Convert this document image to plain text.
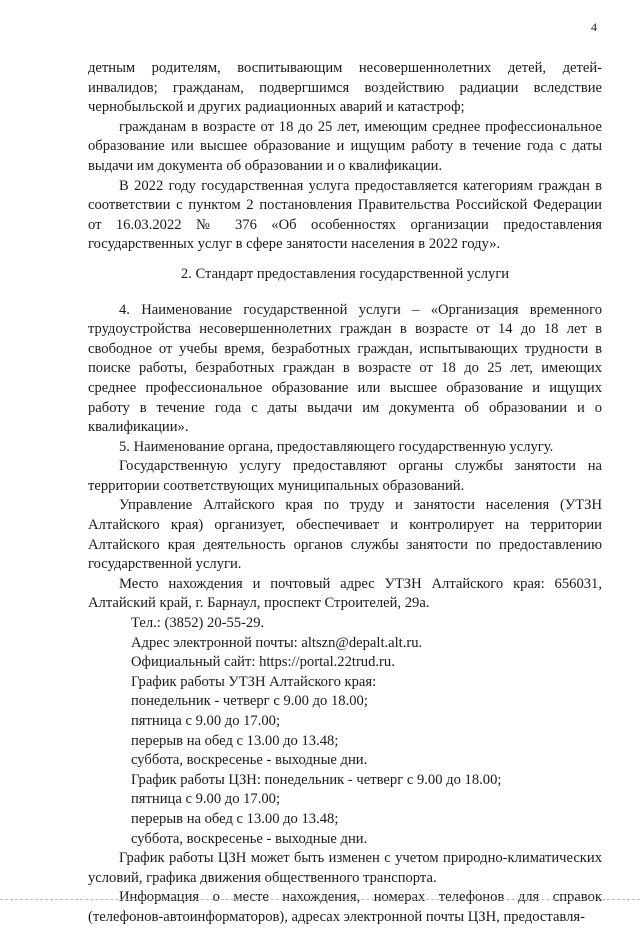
4

детным родителям, воспитывающим несовершеннолетних детей, детей-инвалидов; гражданам, подвергшимся воздействию радиации вследствие чернобыльской и других радиационных аварий и катастроф;

гражданам в возрасте от 18 до 25 лет, имеющим среднее профессиональное образование или высшее образование и ищущим работу в течение года с даты выдачи им документа об образовании и о квалификации.

В 2022 году государственная услуга предоставляется категориям граждан в соответствии с пунктом 2 постановления Правительства Российской Федерации от 16.03.2022 № 376 «Об особенностях организации предоставления государственных услуг в сфере занятости населения в 2022 году».

2. Стандарт предоставления государственной услуги

4. Наименование государственной услуги – «Организация временного трудоустройства несовершеннолетних граждан в возрасте от 14 до 18 лет в свободное от учебы время, безработных граждан, испытывающих трудности в поиске работы, безработных граждан в возрасте от 18 до 25 лет, имеющих среднее профессиональное образование или высшее образование и ищущих работу в течение года с даты выдачи им документа об образовании и о квалификации».

5. Наименование органа, предоставляющего государственную услугу.

Государственную услугу предоставляют органы службы занятости на территории соответствующих муниципальных образований.

Управление Алтайского края по труду и занятости населения (УТЗН Алтайского края) организует, обеспечивает и контролирует на территории Алтайского края деятельность органов службы занятости по предоставлению государственной услуги.

Место нахождения и почтовый адрес УТЗН Алтайского края: 656031, Алтайский край, г. Барнаул, проспект Строителей, 29а.

Тел.: (3852) 20-55-29.

Адрес электронной почты: altszn@depalt.alt.ru.

Официальный сайт: https://portal.22trud.ru.

График работы УТЗН Алтайского края:

понедельник - четверг с 9.00 до 18.00;

пятница с 9.00 до 17.00;

перерыв на обед с 13.00 до 13.48;

суббота, воскресенье - выходные дни.

График работы ЦЗН: понедельник - четверг с 9.00 до 18.00;

пятница с 9.00 до 17.00;

перерыв на обед с 13.00 до 13.48;

суббота, воскресенье - выходные дни.

График работы ЦЗН может быть изменен с учетом природно-климатических условий, графика движения общественного транспорта.

Информация о месте нахождения, номерах телефонов для справок (телефонов-автоинформаторов), адресах электронной почты ЦЗН, предоставля-
